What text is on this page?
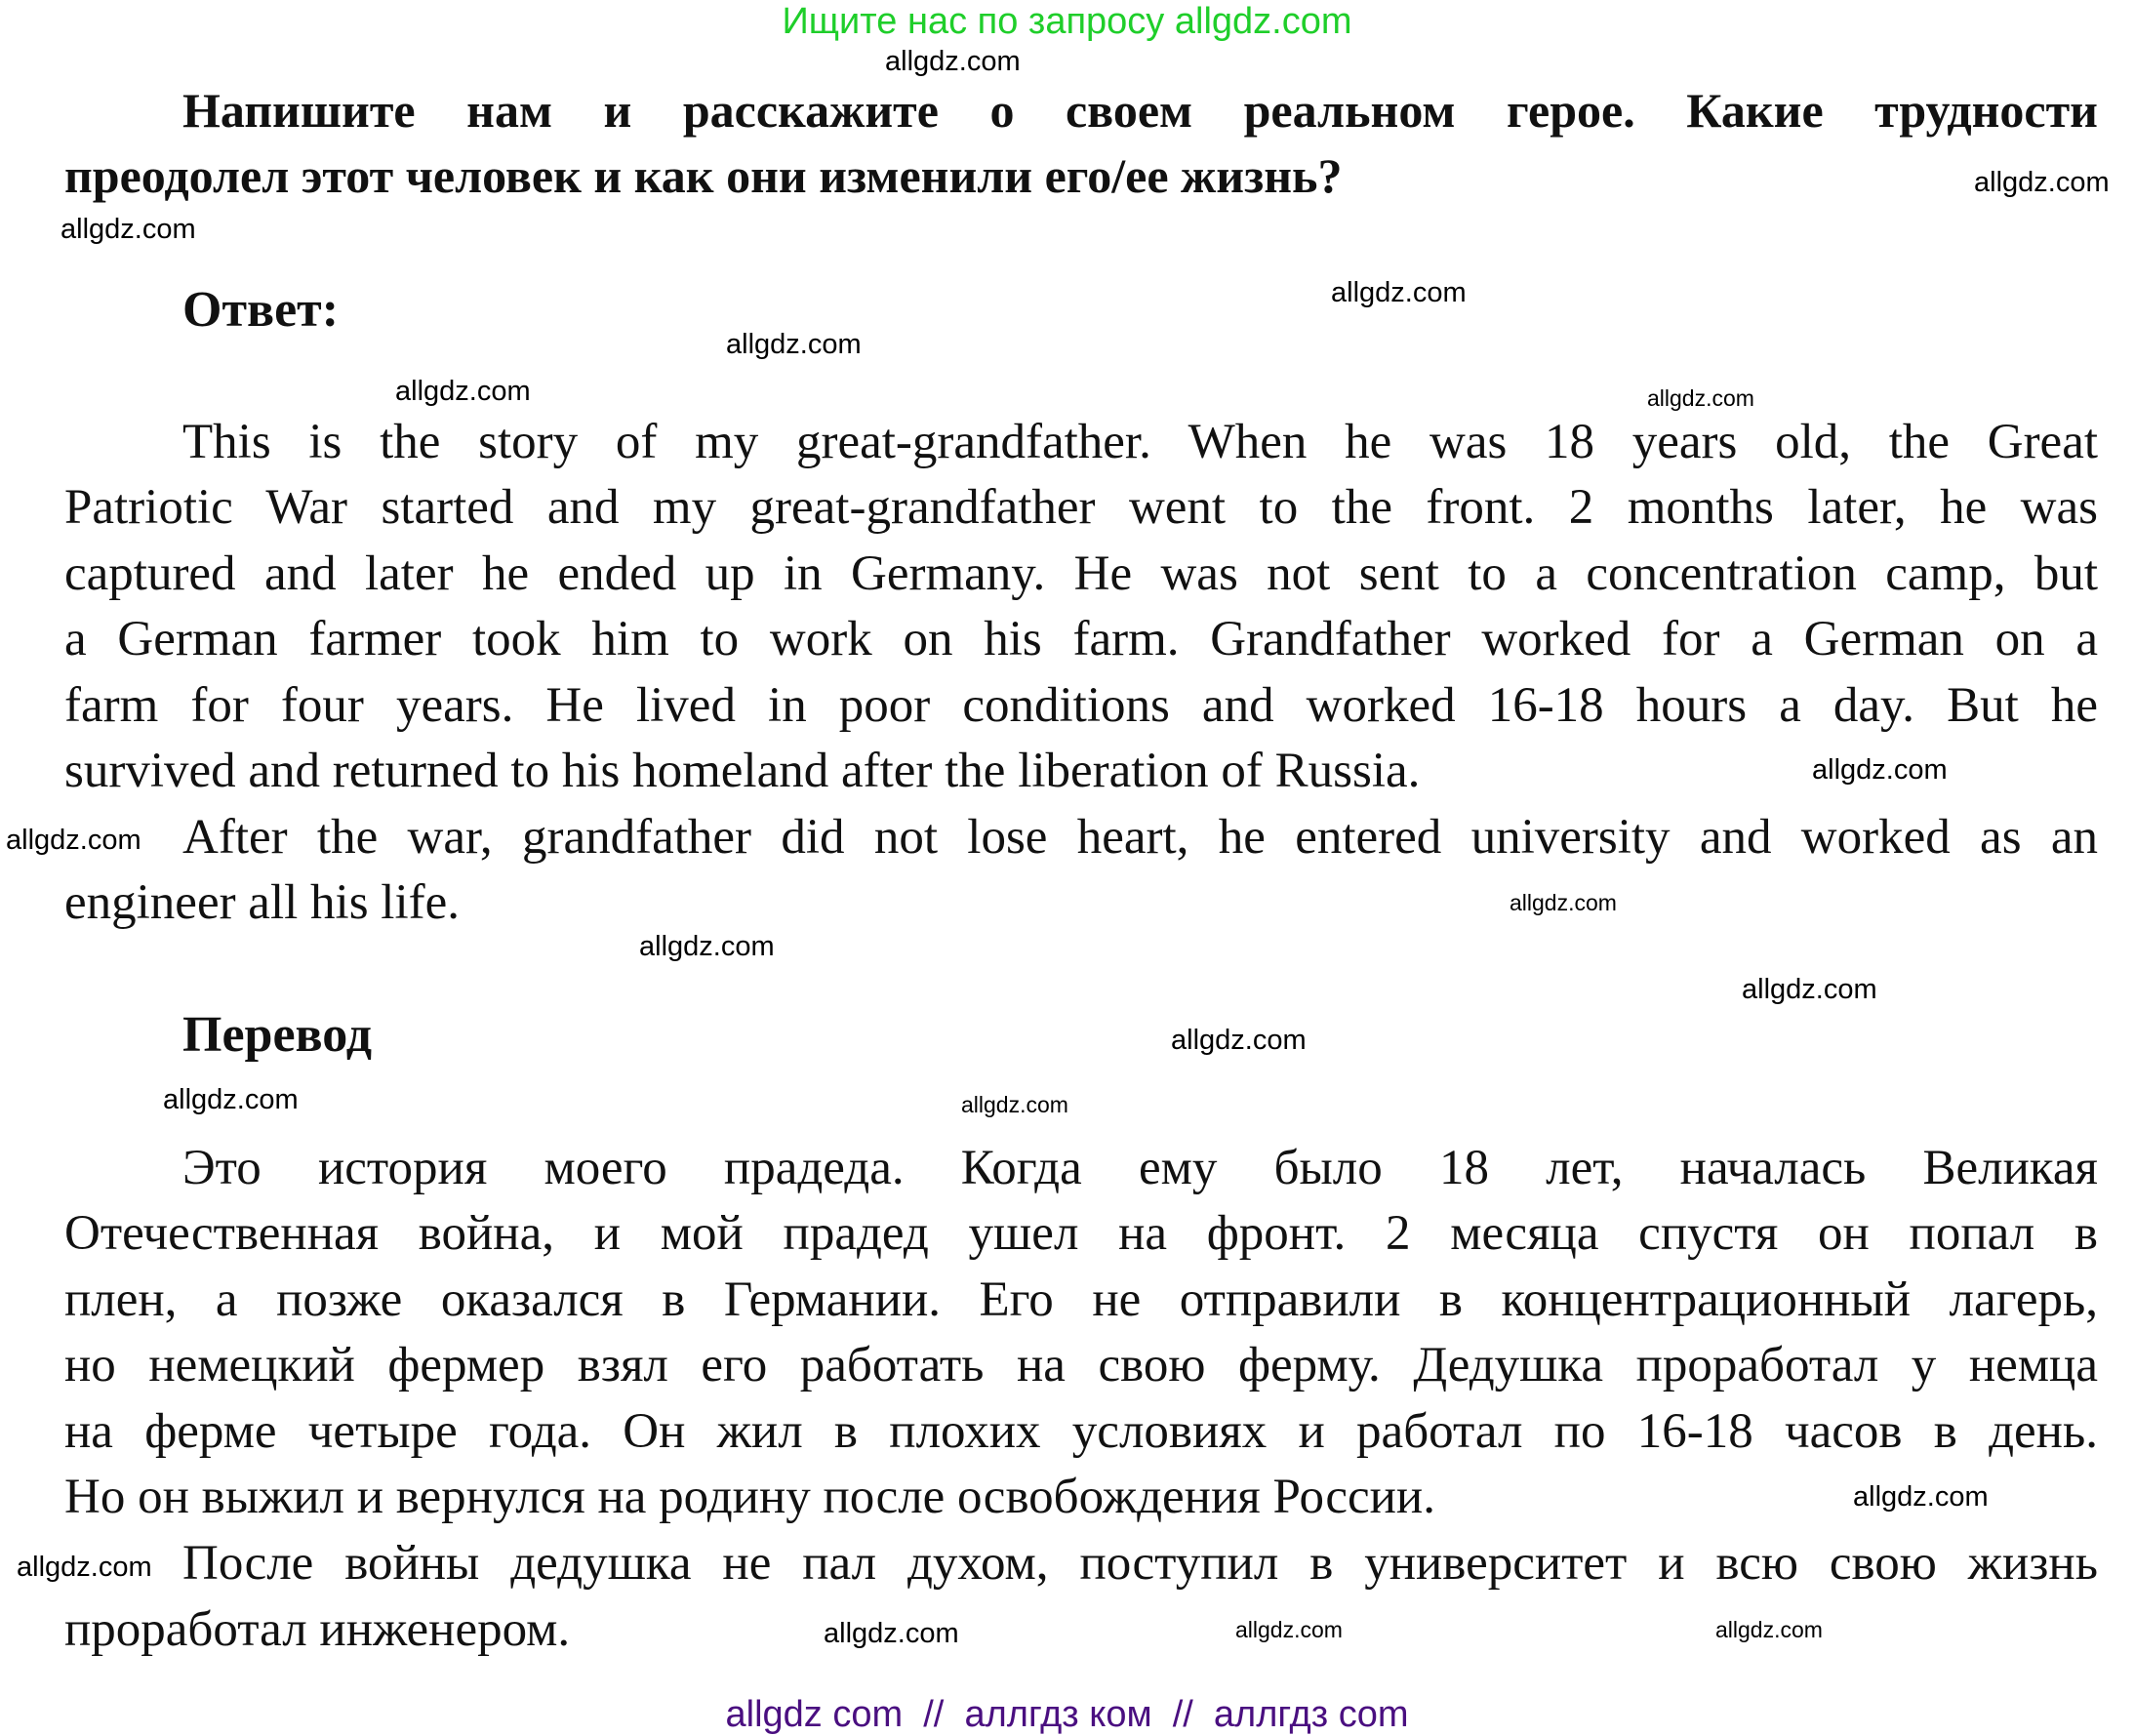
Ищите нас по запросу allgdz.com
Напишите нам и расскажите о своем реальном герое. Какие трудности
преодолел этот человек и как они изменили его/ее жизнь?
Ответ:
This is the story of my great-grandfather. When he was 18 years old, the Great
Patriotic War started and my great-grandfather went to the front. 2 months later, he was
captured and later he ended up in Germany. He was not sent to a concentration camp, but
a German farmer took him to work on his farm. Grandfather worked for a German on a
farm for four years. He lived in poor conditions and worked 16-18 hours a day. But he
survived and returned to his homeland after the liberation of Russia.
After the war, grandfather did not lose heart, he entered university and worked as an
engineer all his life.
Перевод
Это история моего прадеда. Когда ему было 18 лет, началась Великая
Отечественная война, и мой прадед ушел на фронт. 2 месяца спустя он попал в
плен, а позже оказался в Германии. Его не отправили в концентрационный лагерь,
но немецкий фермер взял его работать на свою ферму. Дедушка проработал у немца
на ферме четыре года. Он жил в плохих условиях и работал по 16-18 часов в день.
Но он выжил и вернулся на родину после освобождения России.
После войны дедушка не пал духом, поступил в университет и всю свою жизнь
проработал инженером.
allgdz.com
allgdz.com
allgdz.com
allgdz.com
allgdz.com
allgdz.com	allgdz.com
allgdz.com
allgdz.com
allgdz.com
allgdz.com
allgdz.com
allgdz.com
allgdz.com	allgdz.com
allgdz.com
allgdz.com
allgdz.com
allgdz.com
allgdz.com
allgdz com  //  аллгдз ком  //  аллгдз com
